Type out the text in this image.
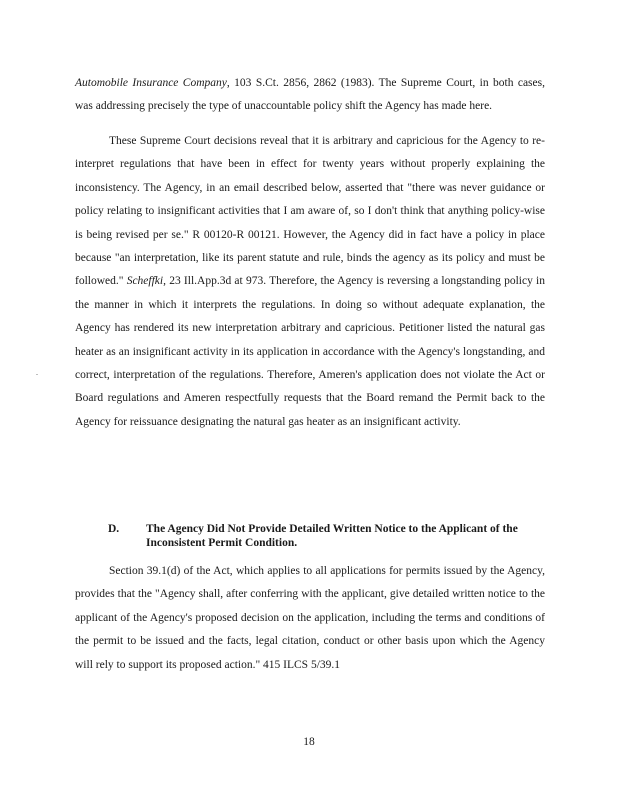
.

Automobile Insurance Company, 103 S.Ct. 2856, 2862 (1983). The Supreme Court, in both cases, was addressing precisely the type of unaccountable policy shift the Agency has made here.

These Supreme Court decisions reveal that it is arbitrary and capricious for the Agency to re-interpret regulations that have been in effect for twenty years without properly explaining the inconsistency. The Agency, in an email described below, asserted that "there was never guidance or policy relating to insignificant activities that I am aware of, so I don't think that anything policy-wise is being revised per se." R 00120-R 00121. However, the Agency did in fact have a policy in place because "an interpretation, like its parent statute and rule, binds the agency as its policy and must be followed." Scheffki, 23 Ill.App.3d at 973. Therefore, the Agency is reversing a longstanding policy in the manner in which it interprets the regulations. In doing so without adequate explanation, the Agency has rendered its new interpretation arbitrary and capricious. Petitioner listed the natural gas heater as an insignificant activity in its application in accordance with the Agency's longstanding, and correct, interpretation of the regulations. Therefore, Ameren's application does not violate the Act or Board regulations and Ameren respectfully requests that the Board remand the Permit back to the Agency for reissuance designating the natural gas heater as an insignificant activity.

D. The Agency Did Not Provide Detailed Written Notice to the Applicant of the Inconsistent Permit Condition.

Section 39.1(d) of the Act, which applies to all applications for permits issued by the Agency, provides that the "Agency shall, after conferring with the applicant, give detailed written notice to the applicant of the Agency's proposed decision on the application, including the terms and conditions of the permit to be issued and the facts, legal citation, conduct or other basis upon which the Agency will rely to support its proposed action." 415 ILCS 5/39.1

18
